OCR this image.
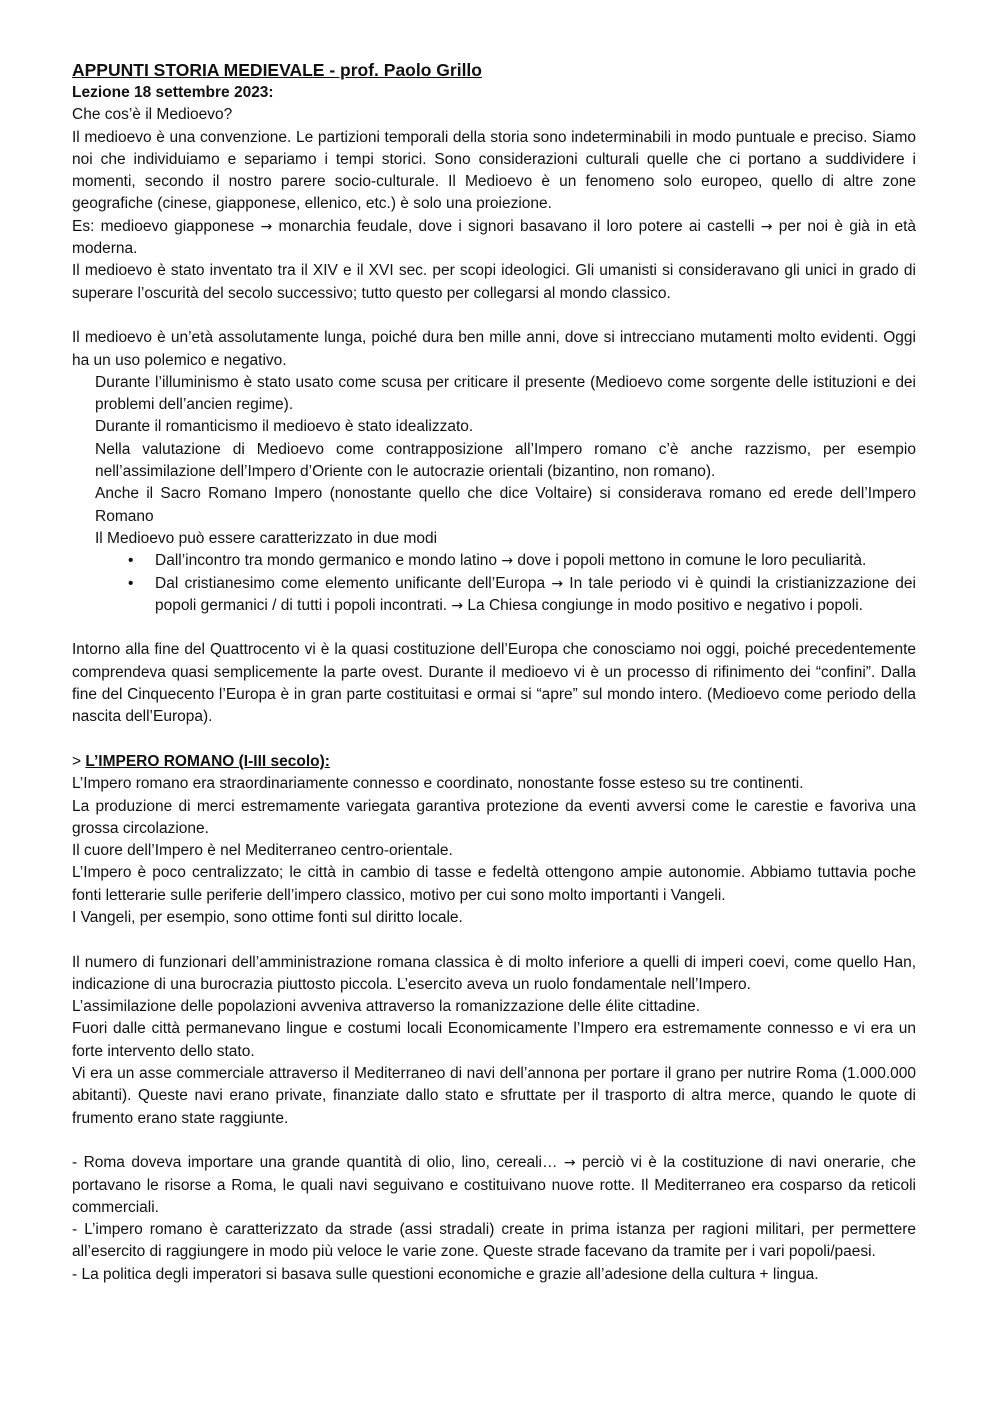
APPUNTI STORIA MEDIEVALE - prof. Paolo Grillo

Lezione 18 settembre 2023:

Che cos’è il Medioevo?

Il medioevo è una convenzione. Le partizioni temporali della storia sono indeterminabili in modo puntuale e preciso. Siamo noi che individuiamo e separiamo i tempi storici. Sono considerazioni culturali quelle che ci portano a suddividere i momenti, secondo il nostro parere socio-culturale. Il Medioevo è un fenomeno solo europeo, quello di altre zone geografiche (cinese, giapponese, ellenico, etc.) è solo una proiezione.

Es: medioevo giapponese → monarchia feudale, dove i signori basavano il loro potere ai castelli → per noi è già in età moderna.

Il medioevo è stato inventato tra il XIV e il XVI sec. per scopi ideologici. Gli umanisti si consideravano gli unici in grado di superare l’oscurità del secolo successivo; tutto questo per collegarsi al mondo classico.

Il medioevo è un’età assolutamente lunga, poiché dura ben mille anni, dove si intrecciano mutamenti molto evidenti. Oggi ha un uso polemico e negativo.

Durante l’illuminismo è stato usato come scusa per criticare il presente (Medioevo come sorgente delle istituzioni e dei problemi dell’ancien regime).

Durante il romanticismo il medioevo è stato idealizzato.

Nella valutazione di Medioevo come contrapposizione all’Impero romano c’è anche razzismo, per esempio nell’assimilazione dell’Impero d’Oriente con le autocrazie orientali (bizantino, non romano).

Anche il Sacro Romano Impero (nonostante quello che dice Voltaire) si considerava romano ed erede dell’Impero Romano

Il Medioevo può essere caratterizzato in due modi

• Dall’incontro tra mondo germanico e mondo latino → dove i popoli mettono in comune le loro peculiarità.
• Dal cristianesimo come elemento unificante dell’Europa → In tale periodo vi è quindi la cristianizzazione dei popoli germanici / di tutti i popoli incontrati. → La Chiesa congiunge in modo positivo e negativo i popoli.

Intorno alla fine del Quattrocento vi è la quasi costituzione dell’Europa che conosciamo noi oggi, poiché precedentemente comprendeva quasi semplicemente la parte ovest. Durante il medioevo vi è un processo di rifinimento dei “confini”. Dalla fine del Cinquecento l’Europa è in gran parte costituitasi e ormai si “apre” sul mondo intero. (Medioevo come periodo della nascita dell’Europa).

> L’IMPERO ROMANO (I-III secolo):

L’Impero romano era straordinariamente connesso e coordinato, nonostante fosse esteso su tre continenti.

La produzione di merci estremamente variegata garantiva protezione da eventi avversi come le carestie e favoriva una grossa circolazione.

Il cuore dell’Impero è nel Mediterraneo centro-orientale.

L’Impero è poco centralizzato; le città in cambio di tasse e fedeltà ottengono ampie autonomie. Abbiamo tuttavia poche fonti letterarie sulle periferie dell’impero classico, motivo per cui sono molto importanti i Vangeli.

I Vangeli, per esempio, sono ottime fonti sul diritto locale.

Il numero di funzionari dell’amministrazione romana classica è di molto inferiore a quelli di imperi coevi, come quello Han, indicazione di una burocrazia piuttosto piccola. L’esercito aveva un ruolo fondamentale nell’Impero.

L’assimilazione delle popolazioni avveniva attraverso la romanizzazione delle élite cittadine.

Fuori dalle città permanevano lingue e costumi locali Economicamente l’Impero era estremamente connesso e vi era un forte intervento dello stato.

Vi era un asse commerciale attraverso il Mediterraneo di navi dell’annona per portare il grano per nutrire Roma (1.000.000 abitanti). Queste navi erano private, finanziate dallo stato e sfruttate per il trasporto di altra merce, quando le quote di frumento erano state raggiunte.

- Roma doveva importare una grande quantità di olio, lino, cereali… → perciò vi è la costituzione di navi onerarie, che portavano le risorse a Roma, le quali navi seguivano e costituivano nuove rotte. Il Mediterraneo era cosparso da reticoli commerciali.

- L’impero romano è caratterizzato da strade (assi stradali) create in prima istanza per ragioni militari, per permettere all’esercito di raggiungere in modo più veloce le varie zone. Queste strade facevano da tramite per i vari popoli/paesi.

- La politica degli imperatori si basava sulle questioni economiche e grazie all’adesione della cultura + lingua.
